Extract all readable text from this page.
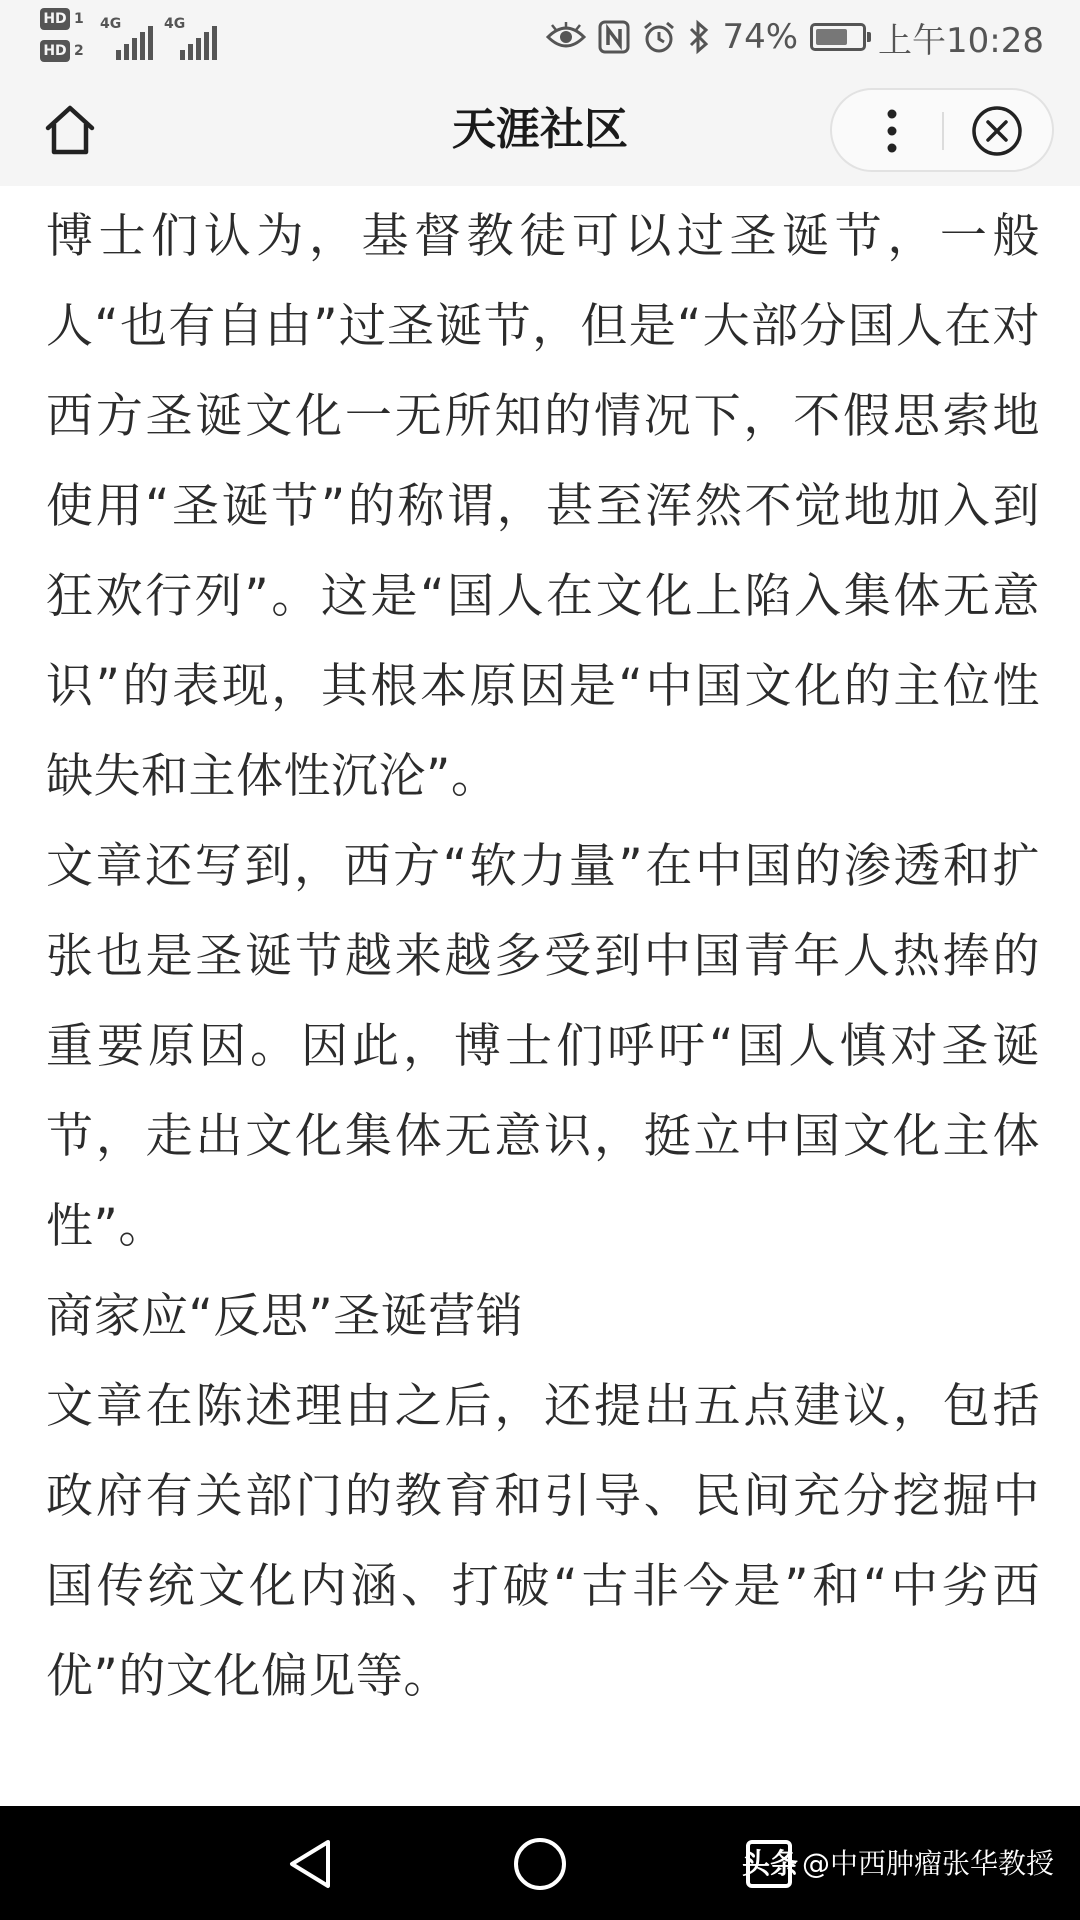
HD 1
HD 2
4G	4G	74% 上午10:28
天涯社区

博士们认为，基督教徒可以过圣诞节，一般人“也有自由”过圣诞节，但是“大部分国人在对西方圣诞文化一无所知的情况下，不假思索地使用“圣诞节”的称谓，甚至浑然不觉地加入到狂欢行列”。这是“国人在文化上陷入集体无意识”的表现，其根本原因是“中国文化的主位性缺失和主体性沉沦”。

文章还写到，西方“软力量”在中国的渗透和扩张也是圣诞节越来越多受到中国青年人热捧的重要原因。因此，博士们呼吁“国人慎对圣诞节，走出文化集体无意识，挺立中国文化主体性”。

商家应“反思”圣诞营销

文章在陈述理由之后，还提出五点建议，包括政府有关部门的教育和引导、民间充分挖掘中国传统文化内涵、打破“古非今是”和“中劣西优”的文化偏见等。

头条 @中西肿瘤张华教授
